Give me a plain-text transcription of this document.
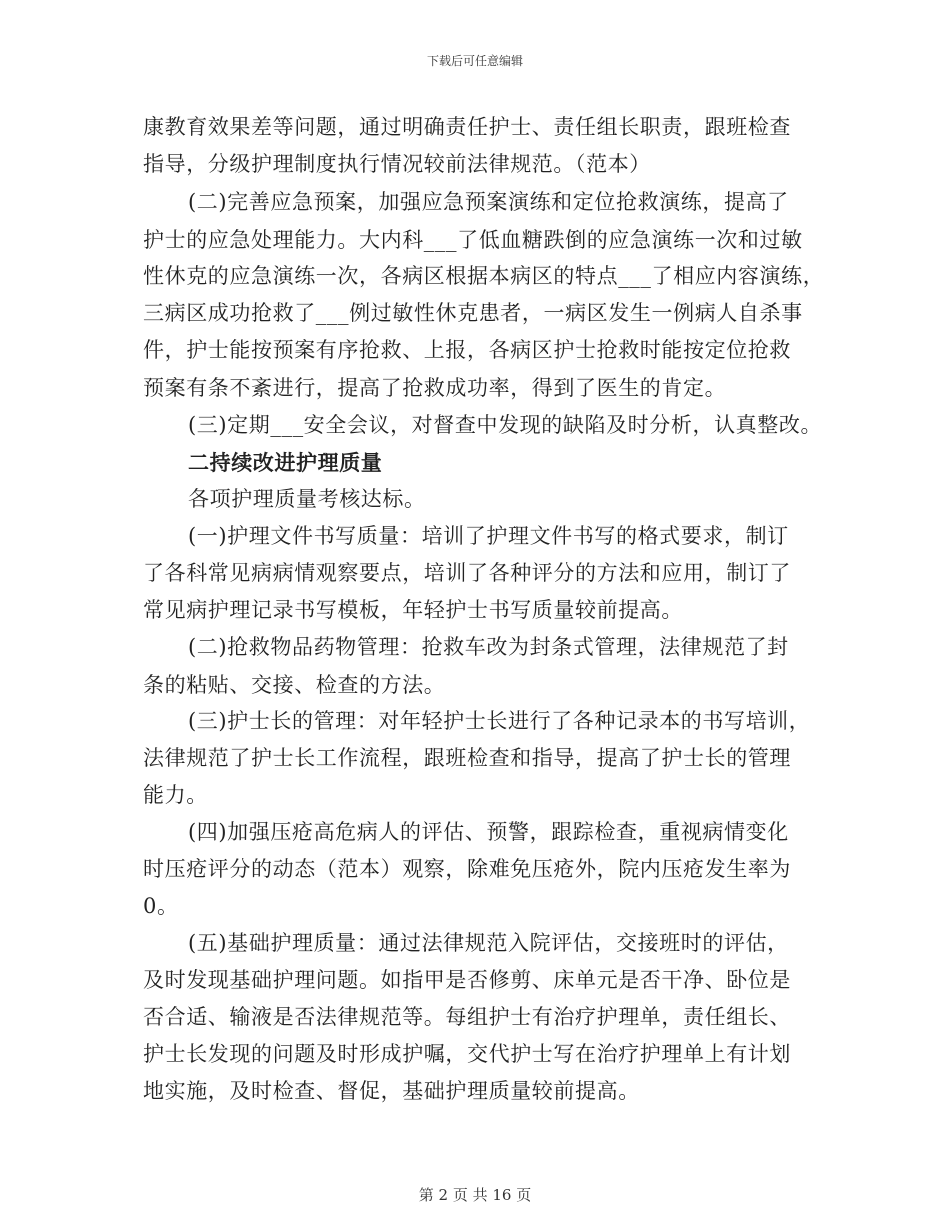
下载后可任意编辑
康教育效果差等问题，通过明确责任护士、责任组长职责，跟班检查
指导，分级护理制度执行情况较前法律规范。（范本）
(二)完善应急预案，加强应急预案演练和定位抢救演练，提高了
护士的应急处理能力。大内科___了低血糖跌倒的应急演练一次和过敏
性休克的应急演练一次，各病区根据本病区的特点___了相应内容演练，
三病区成功抢救了___例过敏性休克患者，一病区发生一例病人自杀事
件，护士能按预案有序抢救、上报，各病区护士抢救时能按定位抢救
预案有条不紊进行，提高了抢救成功率，得到了医生的肯定。
(三)定期___安全会议，对督查中发现的缺陷及时分析，认真整改。
二持续改进护理质量
各项护理质量考核达标。
(一)护理文件书写质量：培训了护理文件书写的格式要求，制订
了各科常见病病情观察要点，培训了各种评分的方法和应用，制订了
常见病护理记录书写模板，年轻护士书写质量较前提高。
(二)抢救物品药物管理：抢救车改为封条式管理，法律规范了封
条的粘贴、交接、检查的方法。
(三)护士长的管理：对年轻护士长进行了各种记录本的书写培训，
法律规范了护士长工作流程，跟班检查和指导，提高了护士长的管理
能力。
(四)加强压疮高危病人的评估、预警，跟踪检查，重视病情变化
时压疮评分的动态（范本）观察，除难免压疮外，院内压疮发生率为
0。
(五)基础护理质量：通过法律规范入院评估，交接班时的评估，
及时发现基础护理问题。如指甲是否修剪、床单元是否干净、卧位是
否合适、输液是否法律规范等。每组护士有治疗护理单，责任组长、
护士长发现的问题及时形成护嘱，交代护士写在治疗护理单上有计划
地实施，及时检查、督促，基础护理质量较前提高。
第 2 页 共 16 页
